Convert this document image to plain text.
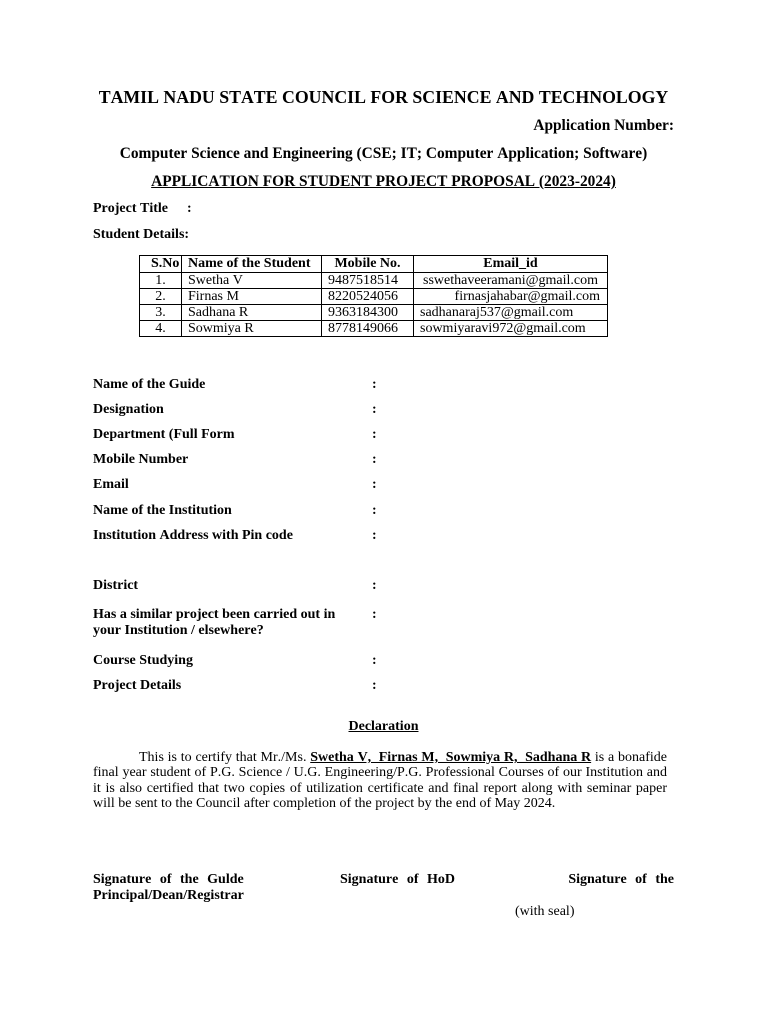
TAMIL NADU STATE COUNCIL FOR SCIENCE AND TECHNOLOGY
Application Number:
Computer Science and Engineering (CSE; IT; Computer Application; Software)
APPLICATION FOR STUDENT PROJECT PROPOSAL (2023-2024)
Project Title :
Student Details:
S.No	Name of the Student	Mobile No.	Email_id
1.	Swetha V	9487518514	sswethaveeramani@gmail.com
2.	Firnas M	8220524056	firnasjahabar@gmail.com
3.	Sadhana R	9363184300	sadhanaraj537@gmail.com
4.	Sowmiya R	8778149066	sowmiyaravi972@gmail.com
Name of the Guide	:
Designation	:
Department (Full Form	:
Mobile Number	:
Email	:
Name of the Institution	:
Institution Address with Pin code	:
District	:
Has a similar project been carried out in your Institution / elsewhere?
:
Course Studying	:
Project Details	:
Declaration
This is to certify that Mr./Ms. Swetha V,  Firnas M,  Sowmiya R,  Sadhana R is a bonafide final year student of P.G. Science / U.G. Engineering/P.G. Professional Courses of our Institution and it is also certified that two copies of utilization certificate and final report along with seminar paper will be sent to the Council after completion of the project by the end of May 2024.
Signature of the Gulde	Signature of HoD	Signature of the
Principal/Dean/Registrar
(with seal)
